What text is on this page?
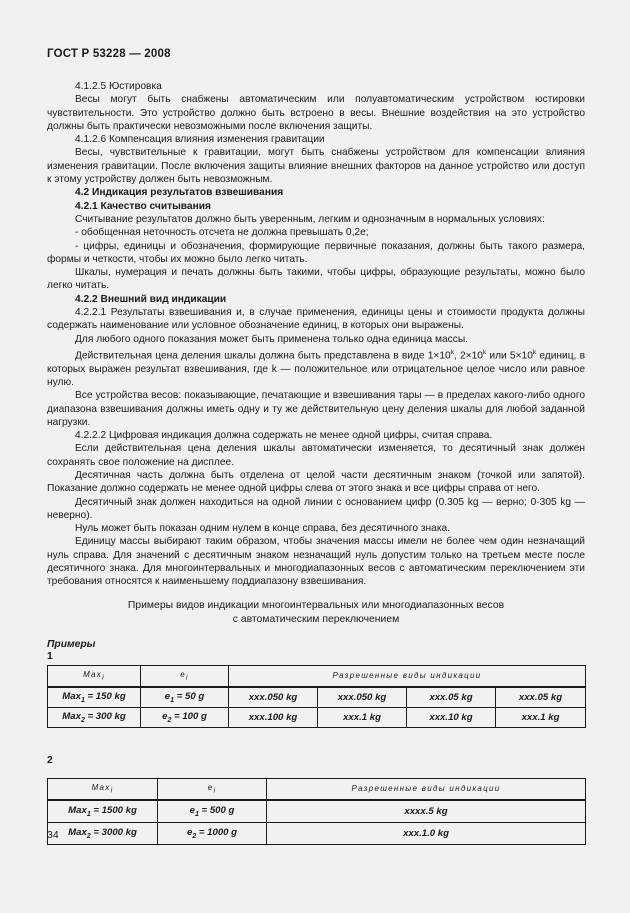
ГОСТ Р 53228 — 2008

4.1.2.5 Юстировка

Весы могут быть снабжены автоматическим или полуавтоматическим устройством юстировки чувствительности. Это устройство должно быть встроено в весы. Внешние воздействия на это устройство должны быть практически невозможными после включения защиты.

4.1.2.6 Компенсация влияния изменения гравитации

Весы, чувствительные к гравитации, могут быть снабжены устройством для компенсации влияния изменения гравитации. После включения защиты влияние внешних факторов на данное устройство или доступ к этому устройству должен быть невозможным.

4.2 Индикация результатов взвешивания

4.2.1 Качество считывания

Считывание результатов должно быть уверенным, легким и однозначным в нормальных условиях:

- обобщенная неточность отсчета не должна превышать 0,2e;

- цифры, единицы и обозначения, формирующие первичные показания, должны быть такого размера, формы и четкости, чтобы их можно было легко читать.

Шкалы, нумерация и печать должны быть такими, чтобы цифры, образующие результаты, можно было легко читать.

4.2.2 Внешний вид индикации

4.2.2.1 Результаты взвешивания и, в случае применения, единицы цены и стоимости продукта должны содержать наименование или условное обозначение единиц, в которых они выражены.

Для любого одного показания может быть применена только одна единица массы.

Действительная цена деления шкалы должна быть представлена в виде $1\times 10^k$, $2\times 10^k$ или $5\times 10^k$ единиц, в которых выражен результат взвешивания, где k — положительное или отрицательное целое число или равное нулю.

Все устройства весов: показывающие, печатающие и взвешивания тары — в пределах какого-либо одного диапазона взвешивания должны иметь одну и ту же действительную цену деления шкалы для любой заданной нагрузки.

4.2.2.2 Цифровая индикация должна содержать не менее одной цифры, считая справа.

Если действительная цена деления шкалы автоматически изменяется, то десятичный знак должен сохранять свое положение на дисплее.

Десятичная часть должна быть отделена от целой части десятичным знаком (точкой или запятой). Показание должно содержать не менее одной цифры слева от этого знака и все цифры справа от него.

Десятичный знак должен находиться на одной линии с основанием цифр (0.305 kg — верно; 0·305 kg — неверно).

Нуль может быть показан одним нулем в конце справа, без десятичного знака.

Единицу массы выбирают таким образом, чтобы значения массы имели не более чем один незначащий нуль справа. Для значений с десятичным знаком незначащий нуль допустим только на третьем месте после десятичного знака. Для многоинтервальных и многодиапазонных весов с автоматическим переключением эти требования относятся к наименьшему поддиапазону взвешивания.

Примеры видов индикации многоинтервальных или многодиапазонных весов
с автоматическим переключением
Примеры
1
Max$_i$	$e_i$	Разрешенные виды индикации			
Max$_1$ = 150 kg	$e_1 = 50$ g	xxx.050 kg	xxx.050 kg	xxx.05 kg	xxx.05 kg
Max$_2$ = 300 kg	$e_2 = 100$ g	xxx.100 kg	xxx.1 kg	xxx.10 kg	xxx.1 kg
2
Max$_i$	$e_i$	Разрешенные виды индикации
Max$_1$ = 1500 kg	$e_1 = 500$ g	xxxx.5 kg
Max$_2$ = 3000 kg	$e_2 = 1000$ g	xxx.1.0 kg
34
